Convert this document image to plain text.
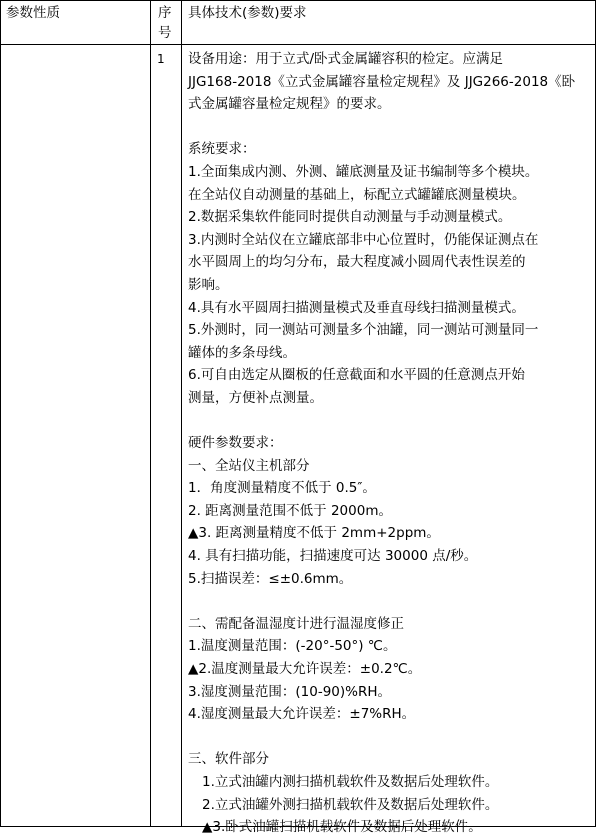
参数性质	序号
具体技术(参数)要求
1 设备用途：用于立式/卧式金属罐容积的检定。应满足

JJG168-2018《立式金属罐容量检定规程》及 JJG266-2018《卧

式金属罐容量检定规程》的要求。

系统要求：

1.全面集成内测、外测、罐底测量及证书编制等多个模块。

在全站仪自动测量的基础上，标配立式罐罐底测量模块。

2.数据采集软件能同时提供自动测量与手动测量模式。

3.内测时全站仪在立罐底部非中心位置时，仍能保证测点在

水平圆周上的均匀分布，最大程度减小圆周代表性误差的

影响。

4.具有水平圆周扫描测量模式及垂直母线扫描测量模式。

5.外测时，同一测站可测量多个油罐，同一测站可测量同一

罐体的多条母线。

6.可自由选定从圈板的任意截面和水平圆的任意测点开始

测量，方便补点测量。

硬件参数要求：

一、全站仪主机部分

1．角度测量精度不低于 0.5″。

2. 距离测量范围不低于 2000m。

▲3. 距离测量精度不低于 2mm+2ppm。

4. 具有扫描功能，扫描速度可达 30000 点/秒。

5.扫描误差：≤±0.6mm。

二、需配备温湿度计进行温湿度修正

1.温度测量范围：(-20°-50°) ℃。

▲2.温度测量最大允许误差：±0.2℃。

3.湿度测量范围：(10-90)%RH。

4.湿度测量最大允许误差：±7%RH。

三、软件部分

1.立式油罐内测扫描机载软件及数据后处理软件。

2.立式油罐外测扫描机载软件及数据后处理软件。

▲3.卧式油罐扫描机载软件及数据后处理软件。
